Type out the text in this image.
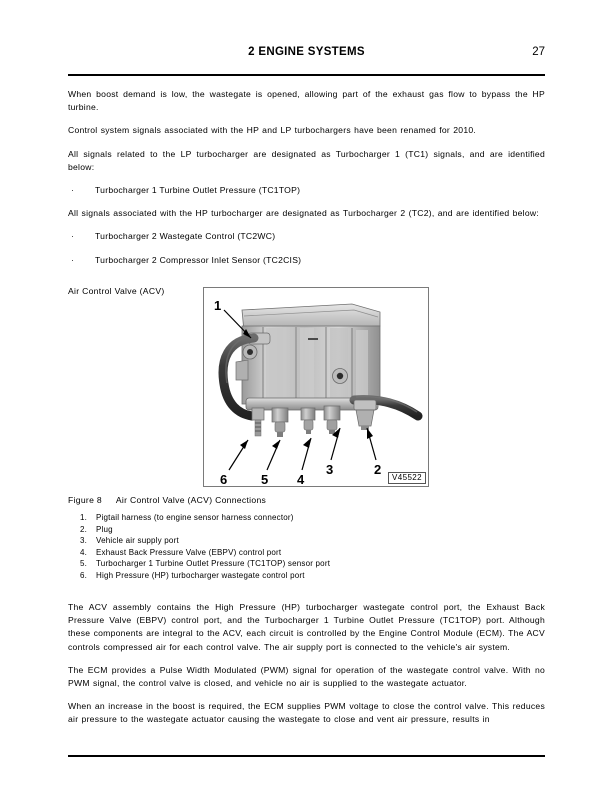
2 ENGINE SYSTEMS	27

When boost demand is low, the wastegate is opened, allowing part of the exhaust gas flow to bypass the HP turbine.

Control system signals associated with the HP and LP turbochargers have been renamed for 2010.

All signals related to the LP turbocharger are designated as Turbocharger 1 (TC1) signals, and are identified below:

· Turbocharger 1 Turbine Outlet Pressure (TC1TOP)

All signals associated with the HP turbocharger are designated as Turbocharger 2 (TC2), and are identified below:

· Turbocharger 2 Wastegate Control (TC2WC)
· Turbocharger 2 Compressor Inlet Sensor (TC2CIS)
Air Control Valve (ACV)
1
6	5 4
3	2
V45522
Figure 8 Air Control Valve (ACV) Connections
1.	Pigtail harness (to engine sensor harness connector)
2.	Plug
3.	Vehicle air supply port
4.	Exhaust Back Pressure Valve (EBPV) control port
5.	Turbocharger 1 Turbine Outlet Pressure (TC1TOP) sensor port
6.	High Pressure (HP) turbocharger wastegate control port

The ACV assembly contains the High Pressure (HP) turbocharger wastegate control port, the Exhaust Back Pressure Valve (EBPV) control port, and the Turbocharger 1 Turbine Outlet Pressure (TC1TOP) port. Although these components are integral to the ACV, each circuit is controlled by the Engine Control Module (ECM). The ACV controls compressed air for each control valve. The air supply port is connected to the vehicle's air system.

The ECM provides a Pulse Width Modulated (PWM) signal for operation of the wastegate control valve. With no PWM signal, the control valve is closed, and vehicle no air is supplied to the wastegate actuator.

When an increase in the boost is required, the ECM supplies PWM voltage to close the control valve. This reduces air pressure to the wastegate actuator causing the wastegate to close and vent air pressure, results in
